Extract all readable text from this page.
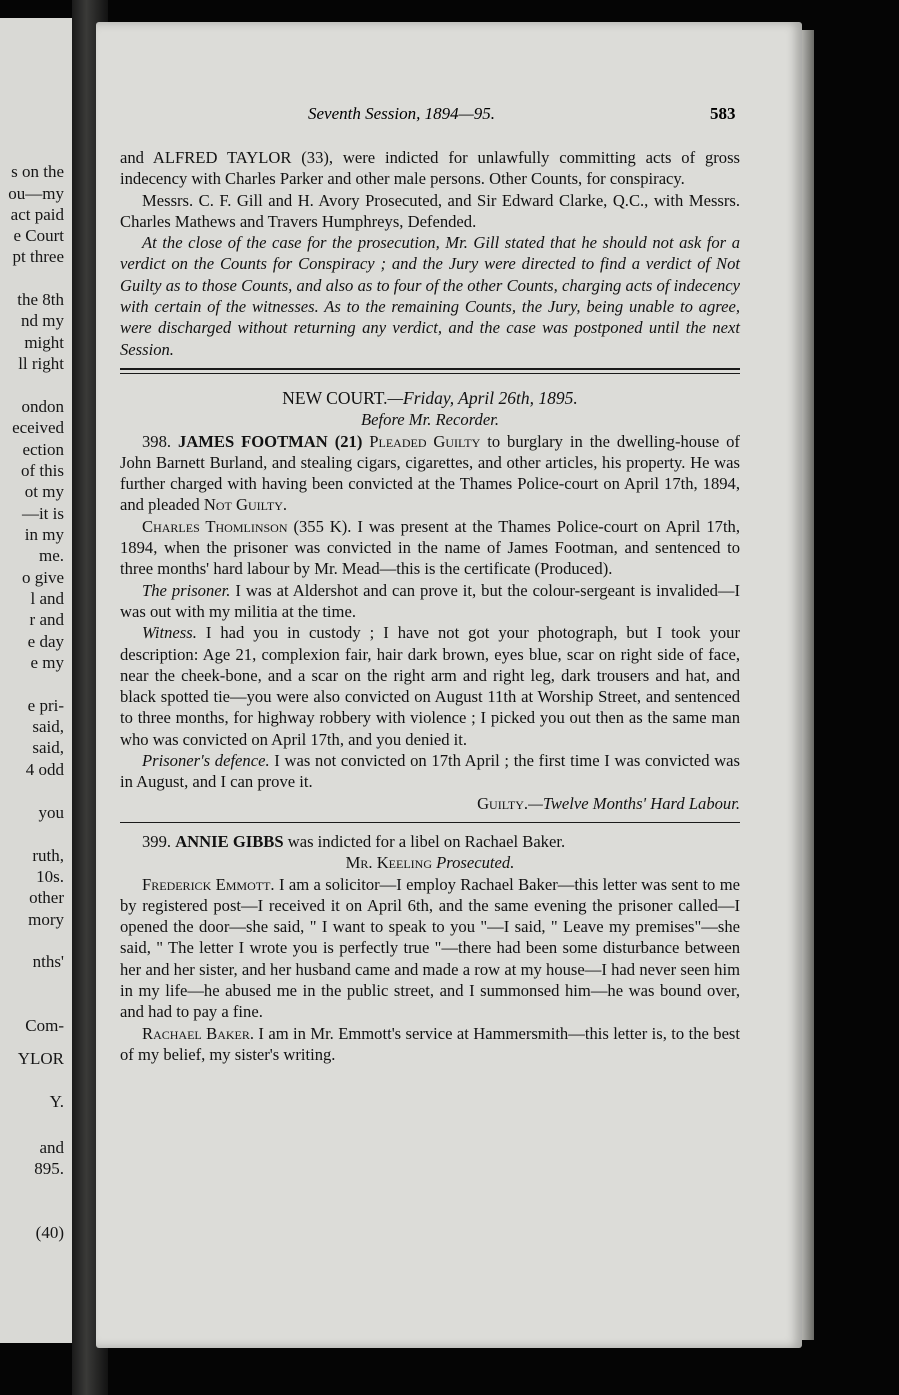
s on the
ou—my
act paid
e Court
pt three
the 8th
nd my
might
ll right
ondon
eceived
ection
of this
ot my
—it is
in my
me.
o give
l and
r and
e day
e my
e pri-
said,
said,
4 odd
you
ruth,
10s.
other
mory
nths'
Com-
YLOR
Y.
and
895.
(40)
Seventh Session, 1894—95.	583

and ALFRED TAYLOR (33), were indicted for unlawfully committing acts of gross indecency with Charles Parker and other male persons. Other Counts, for conspiracy.

Messrs. C. F. Gill and H. Avory Prosecuted, and Sir Edward Clarke, Q.C., with Messrs. Charles Mathews and Travers Humphreys, Defended.

At the close of the case for the prosecution, Mr. Gill stated that he should not ask for a verdict on the Counts for Conspiracy ; and the Jury were directed to find a verdict of Not Guilty as to those Counts, and also as to four of the other Counts, charging acts of indecency with certain of the witnesses. As to the remaining Counts, the Jury, being unable to agree, were discharged without returning any verdict, and the case was postponed until the next Session.

NEW COURT.—Friday, April 26th, 1895.

Before Mr. Recorder.

398. JAMES FOOTMAN (21) Pleaded Guilty to burglary in the dwelling-house of John Barnett Burland, and stealing cigars, cigarettes, and other articles, his property. He was further charged with having been convicted at the Thames Police-court on April 17th, 1894, and pleaded Not Guilty.

Charles Thomlinson (355 K). I was present at the Thames Police-court on April 17th, 1894, when the prisoner was convicted in the name of James Footman, and sentenced to three months' hard labour by Mr. Mead—this is the certificate (Produced).

The prisoner. I was at Aldershot and can prove it, but the colour-sergeant is invalided—I was out with my militia at the time.

Witness. I had you in custody ; I have not got your photograph, but I took your description: Age 21, complexion fair, hair dark brown, eyes blue, scar on right side of face, near the cheek-bone, and a scar on the right arm and right leg, dark trousers and hat, and black spotted tie—you were also convicted on August 11th at Worship Street, and sentenced to three months, for highway robbery with violence ; I picked you out then as the same man who was convicted on April 17th, and you denied it.

Prisoner's defence. I was not convicted on 17th April ; the first time I was convicted was in August, and I can prove it.

Guilty.—Twelve Months' Hard Labour.

399. ANNIE GIBBS was indicted for a libel on Rachael Baker.

Mr. Keeling Prosecuted.

Frederick Emmott. I am a solicitor—I employ Rachael Baker—this letter was sent to me by registered post—I received it on April 6th, and the same evening the prisoner called—I opened the door—she said, " I want to speak to you "—I said, " Leave my premises"—she said, " The letter I wrote you is perfectly true "—there had been some disturbance between her and her sister, and her husband came and made a row at my house—I had never seen him in my life—he abused me in the public street, and I summonsed him—he was bound over, and had to pay a fine.

Rachael Baker. I am in Mr. Emmott's service at Hammersmith—this letter is, to the best of my belief, my sister's writing.
